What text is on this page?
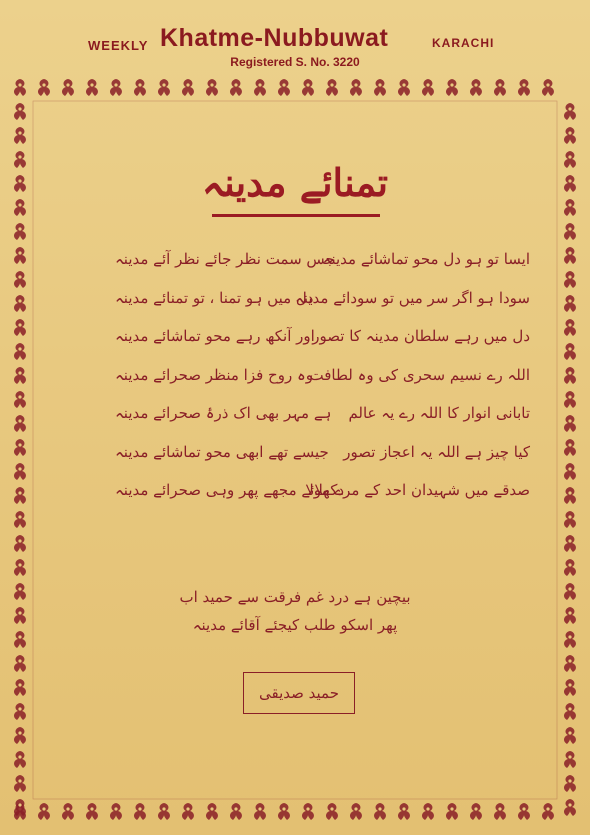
WEEKLY Khatme-Nubbuwat	KARACHI
Registered S. No. 3220
تمنائے مدینہ
ایسا تو ہو دل محو تماشائے مدینہ
جس سمت نظر جائے نظر آئے مدینہ
سودا ہو اگر سر میں تو سودائے مدینہ
دل میں ہو تمنا ، تو تمنائے مدینہ
دل میں رہے سلطان مدینہ کا تصور
اور آنکھ رہے محو تماشائے مدینہ
اللہ رے نسیم سحری کی وہ لطافت
وہ روح فزا منظر صحرائے مدینہ
تابانی انوار کا اللہ رے یہ عالم
ہے مہر بھی اک ذرۂ صحرائے مدینہ
کیا چیز ہے اللہ یہ اعجاز تصور
جیسے تھے ابھی محو تماشائے مدینہ
صدقے میں شہیدان احد کے مرے مولا
دکھلائے مجھے پھر وہی صحرائے مدینہ
بیچین ہے درد غم فرقت سے حمید اب
پھر اسکو طلب کیجئے آقائے مدینہ
حمید صدیقی
